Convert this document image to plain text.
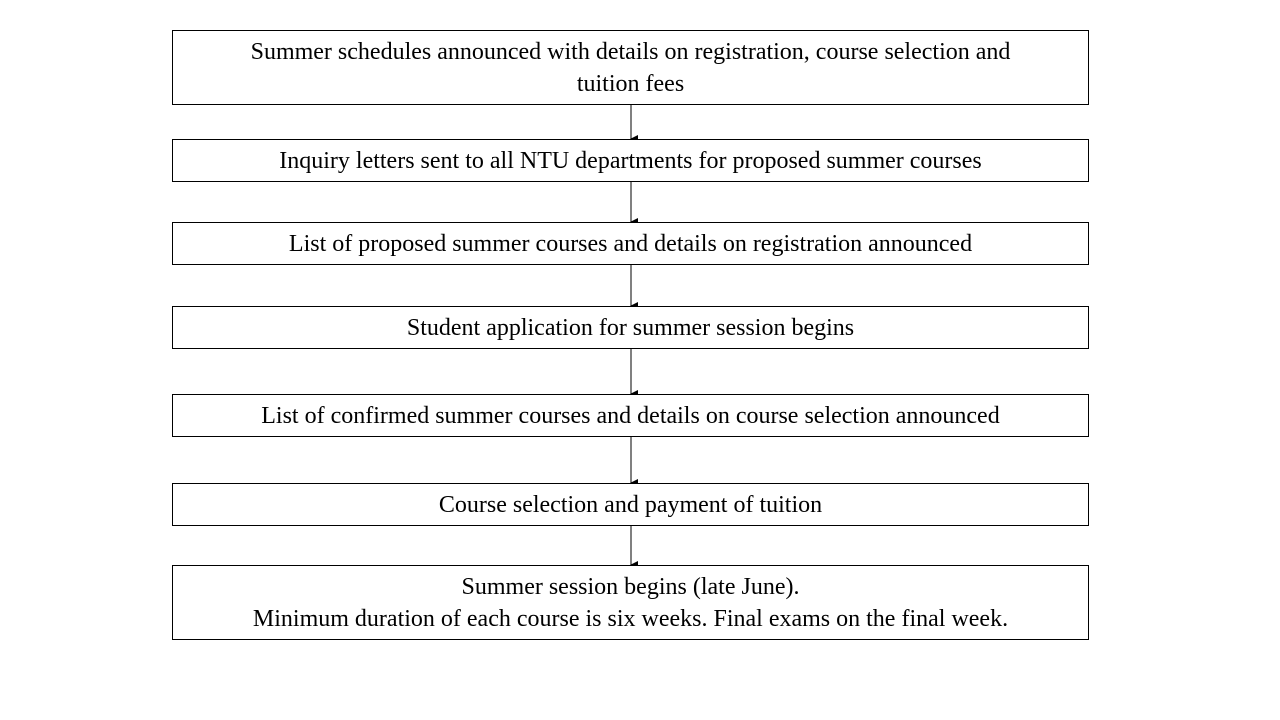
Summer schedules announced with details on registration, course selection and
tuition fees
Inquiry letters sent to all NTU departments for proposed summer courses
List of proposed summer courses and details on registration announced
Student application for summer session begins
List of confirmed summer courses and details on course selection announced
Course selection and payment of tuition
Summer session begins (late June).
Minimum duration of each course is six weeks. Final exams on the final week.
